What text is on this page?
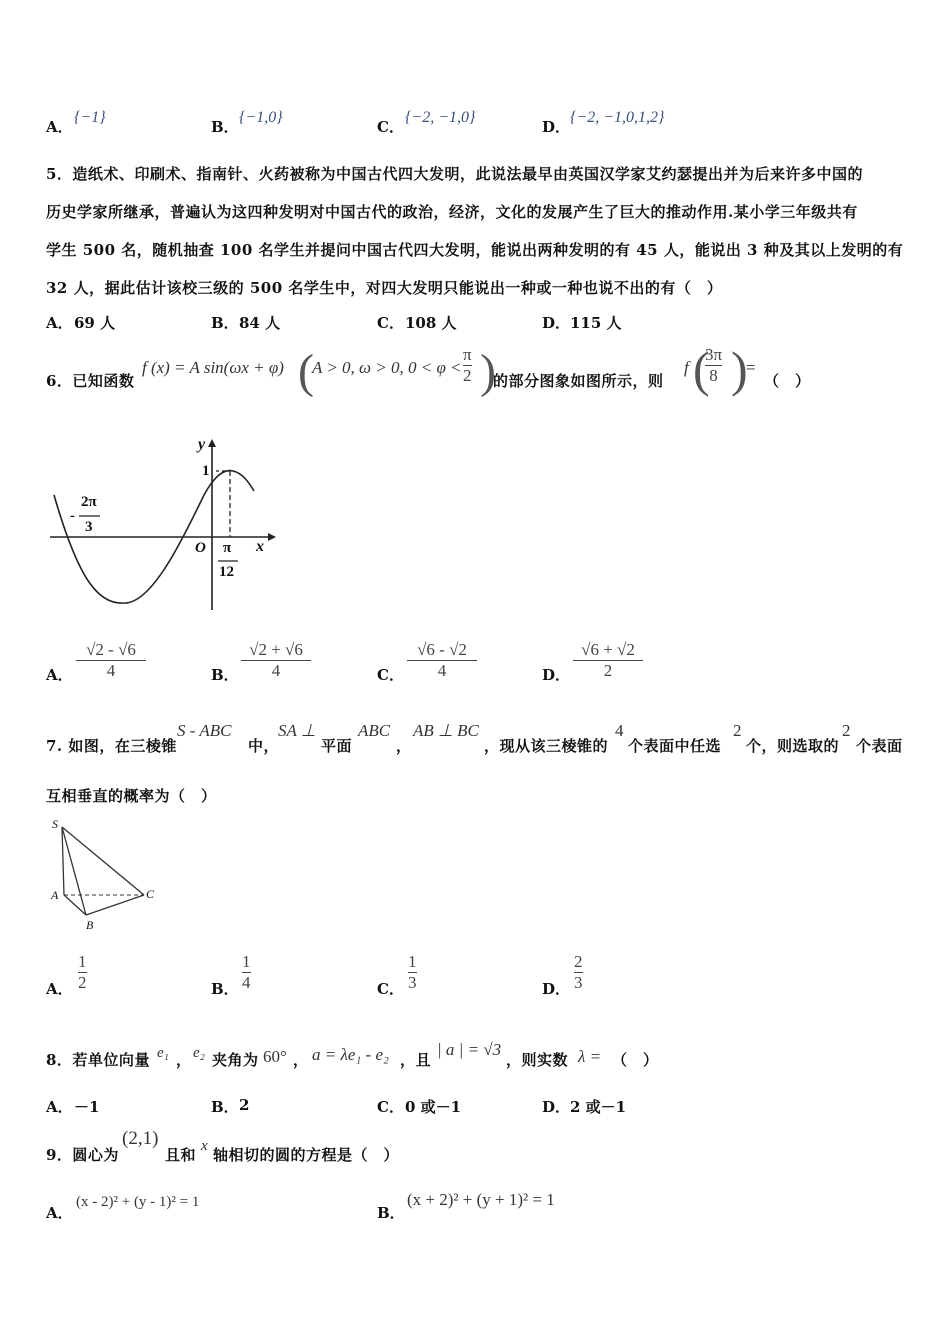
A．
{−1}
B．
{−1,0}
C．
{−2, −1,0}
D．
{−2, −1,0,1,2}
5．造纸术、印刷术、指南针、火药被称为中国古代四大发明，此说法最早由英国汉学家艾约瑟提出并为后来许多中国的
历史学家所继承，普遍认为这四种发明对中国古代的政治，经济，文化的发展产生了巨大的推动作用.某小学三年级共有
学生 500 名，随机抽查 100 名学生并提问中国古代四大发明，能说出两种发明的有 45 人，能说出 3 种及其以上发明的有
32 人，据此估计该校三级的 500 名学生中，对四大发明只能说出一种或一种也说不出的有（　）
A． 69 人	B． 84 人	C． 108 人	D． 115 人
6．已知函数
f (x) = A sin(ωx + φ) (
A > 0, ω > 0, 0 < φ <
π
2 )
的部分图象如图所示，则
f (
3π
8 )
=
（　）
y
1
O	x
-
2π
3
π
12
A．
√2 - √6
4	B．
√2 + √6
4	C．
√6 - √2
4	D．
√6 + √2
2
7. 如图，在三棱锥
S - ABC
中，
SA ⊥
平面
ABC
，
AB ⊥ BC
，现从该三棱锥的
4
个表面中任选
2
个，则选取的
2
个表面
互相垂直的概率为（　）
S
A
B
C
A．
1
2	B．
1
4	C．
1
3	D．
2
3
8．若单位向量 e₁ ， e₂ 夹角为 60° ， a = λe₁ - e₂ ，且
| a | = √3
，则实数 λ = （　）
A． －1	B． 2	C． 0 或－1	D． 2 或－1
9．圆心为
(2,1)
且和 x 轴相切的圆的方程是（　）
A．
(x - 2)² + (y - 1)² = 1
B．
(x + 2)² + (y + 1)² = 1
